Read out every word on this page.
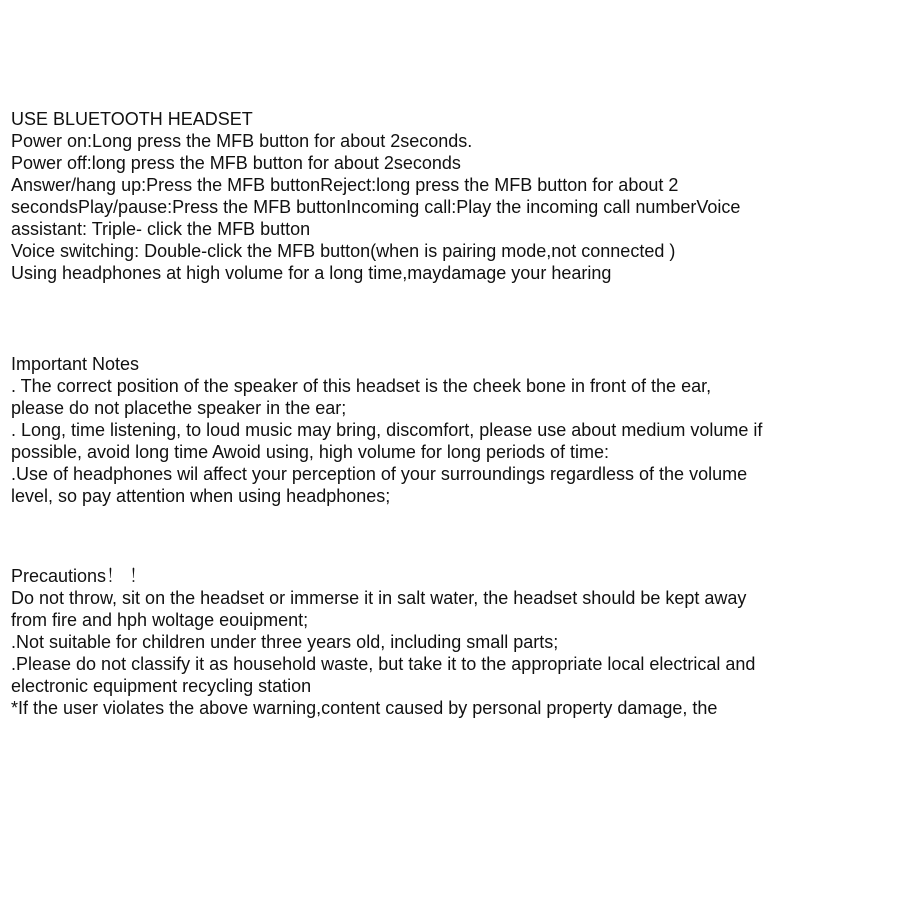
USE BLUETOOTH HEADSET
Power on:Long press the MFB button for about 2seconds.
Power off:long press the MFB button for about 2seconds
Answer/hang up:Press the MFB buttonReject:long press the MFB button for about 2
secondsPlay/pause:Press the MFB buttonIncoming call:Play the incoming call numberVoice
assistant: Triple- click the MFB button
Voice switching: Double-click the MFB button(when is pairing mode,not connected )
Using headphones at high volume for a long time,maydamage your hearing
Important Notes
. The correct position of the speaker of this headset is the cheek bone in front of the ear,
please do not placethe speaker in the ear;
. Long, time listening, to loud music may bring, discomfort, please use about medium volume if
possible, avoid long time Awoid using, high volume for long periods of time:
.Use of headphones wil affect your perception of your surroundings regardless of the volume
level, so pay attention when using headphones;
Precautions！ ！
Do not throw, sit on the headset or immerse it in salt water, the headset should be kept away
from fire and hph woltage eouipment;
.Not suitable for children under three years old, including small parts;
.Please do not classify it as household waste, but take it to the appropriate local electrical and
electronic equipment recycling station
*If the user violates the above warning,content caused by personal property damage, the
